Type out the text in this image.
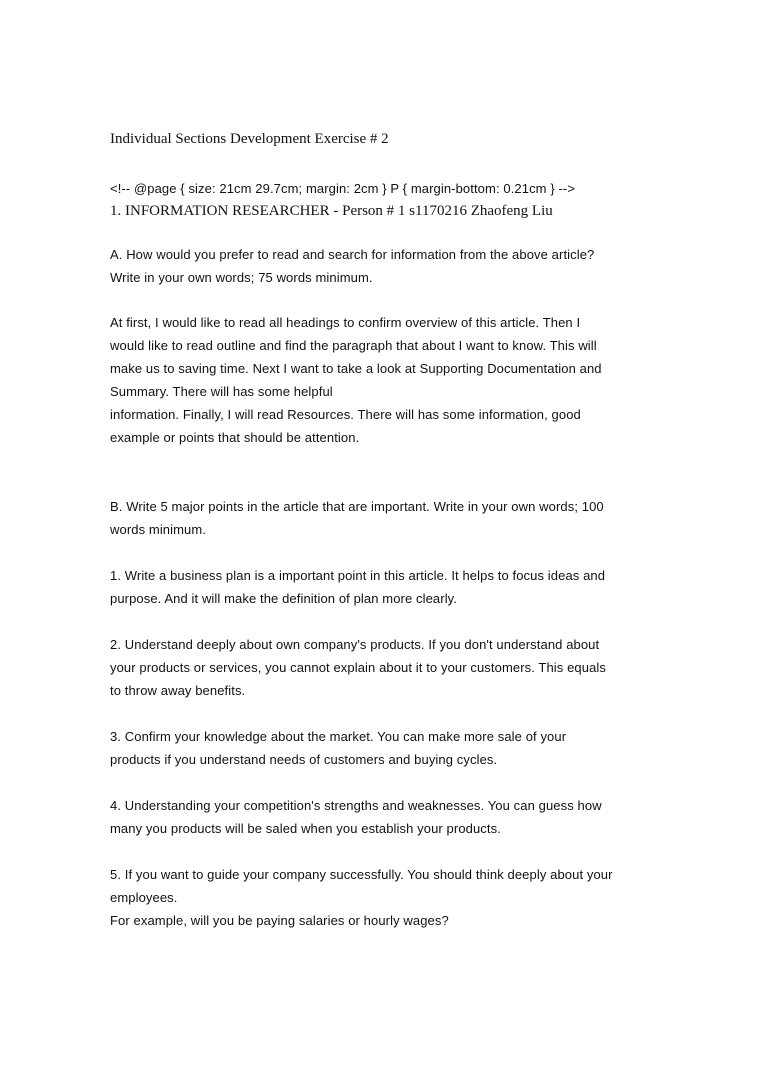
Individual Sections Development Exercise # 2
<!-- @page { size: 21cm 29.7cm; margin: 2cm } P { margin-bottom: 0.21cm } -->
1. INFORMATION RESEARCHER - Person # 1 s1170216 Zhaofeng Liu
A. How would you prefer to read and search for information from the above article?
Write in your own words; 75 words minimum.
At first, I would like to read all headings to confirm overview of this article. Then I
would like to read outline and find the paragraph that about I want to know. This will
make us to saving time. Next I want to take a look at Supporting Documentation and
Summary. There will has some helpful
information. Finally, I will read Resources. There will has some information, good
example or points that should be attention.
B. Write 5 major points in the article that are important. Write in your own words; 100
words minimum.
1. Write a business plan is a important point in this article. It helps to focus ideas and
purpose. And it will make the definition of plan more clearly.
2. Understand deeply about own company's products. If you don't understand about
your products or services, you cannot explain about it to your customers. This equals
to throw away benefits.
3. Confirm your knowledge about the market. You can make more sale of your
products if you understand needs of customers and buying cycles.
4. Understanding your competition's strengths and weaknesses. You can guess how
many you products will be saled when you establish your products.
5. If you want to guide your company successfully. You should think deeply about your
employees.
For example, will you be paying salaries or hourly wages?
